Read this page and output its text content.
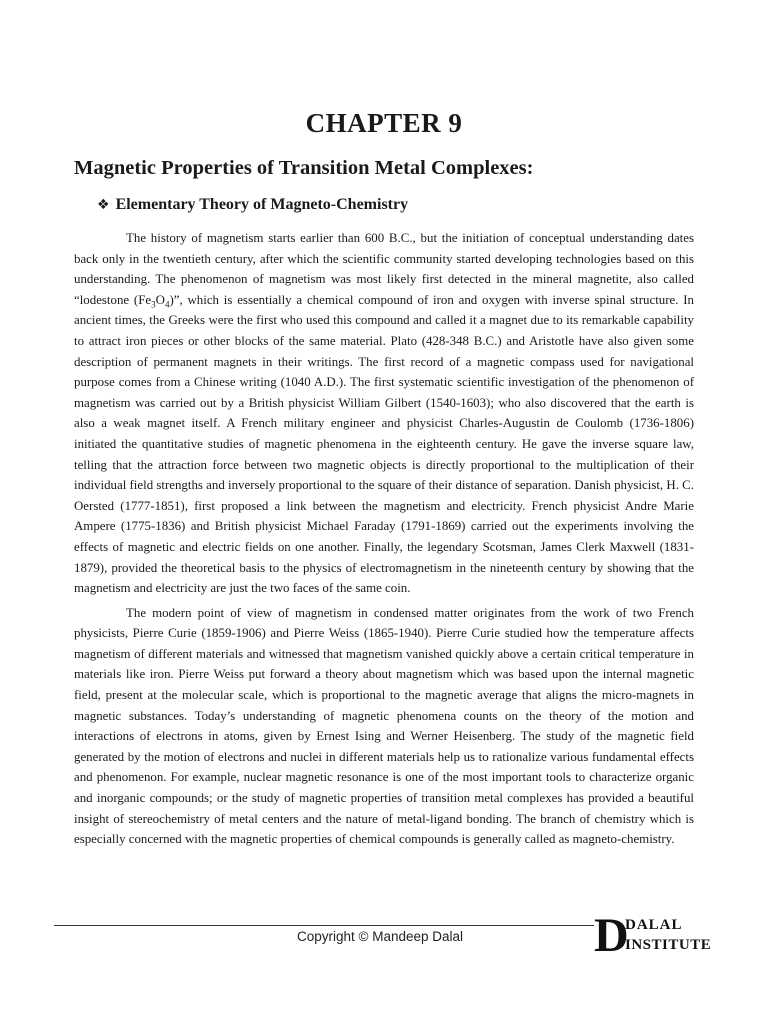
CHAPTER 9
Magnetic Properties of Transition Metal Complexes:
❖ Elementary Theory of Magneto-Chemistry

The history of magnetism starts earlier than 600 B.C., but the initiation of conceptual understanding dates back only in the twentieth century, after which the scientific community started developing technologies based on this understanding. The phenomenon of magnetism was most likely first detected in the mineral magnetite, also called “lodestone $(Fe_3O_4)$”, which is essentially a chemical compound of iron and oxygen with inverse spinal structure. In ancient times, the Greeks were the first who used this compound and called it a magnet due to its remarkable capability to attract iron pieces or other blocks of the same material. Plato (428-348 B.C.) and Aristotle have also given some description of permanent magnets in their writings. The first record of a magnetic compass used for navigational purpose comes from a Chinese writing (1040 A.D.). The first systematic scientific investigation of the phenomenon of magnetism was carried out by a British physicist William Gilbert (1540-1603); who also discovered that the earth is also a weak magnet itself. A French military engineer and physicist Charles-Augustin de Coulomb (1736-1806) initiated the quantitative studies of magnetic phenomena in the eighteenth century. He gave the inverse square law, telling that the attraction force between two magnetic objects is directly proportional to the multiplication of their individual field strengths and inversely proportional to the square of their distance of separation. Danish physicist, H. C. Oersted (1777-1851), first proposed a link between the magnetism and electricity. French physicist Andre Marie Ampere (1775-1836) and British physicist Michael Faraday (1791-1869) carried out the experiments involving the effects of magnetic and electric fields on one another. Finally, the legendary Scotsman, James Clerk Maxwell (1831-1879), provided the theoretical basis to the physics of electromagnetism in the nineteenth century by showing that the magnetism and electricity are just the two faces of the same coin.

The modern point of view of magnetism in condensed matter originates from the work of two French physicists, Pierre Curie (1859-1906) and Pierre Weiss (1865-1940). Pierre Curie studied how the temperature affects magnetism of different materials and witnessed that magnetism vanished quickly above a certain critical temperature in materials like iron. Pierre Weiss put forward a theory about magnetism which was based upon the internal magnetic field, present at the molecular scale, which is proportional to the magnetic average that aligns the micro-magnets in magnetic substances. Today’s understanding of magnetic phenomena counts on the theory of the motion and interactions of electrons in atoms, given by Ernest Ising and Werner Heisenberg. The study of the magnetic field generated by the motion of electrons and nuclei in different materials help us to rationalize various fundamental effects and phenomenon. For example, nuclear magnetic resonance is one of the most important tools to characterize organic and inorganic compounds; or the study of magnetic properties of transition metal complexes has provided a beautiful insight of stereochemistry of metal centers and the nature of metal-ligand bonding. The branch of chemistry which is especially concerned with the magnetic properties of chemical compounds is generally called as magneto-chemistry.

Copyright © Mandeep Dalal	D
DALAL
INSTITUTE
